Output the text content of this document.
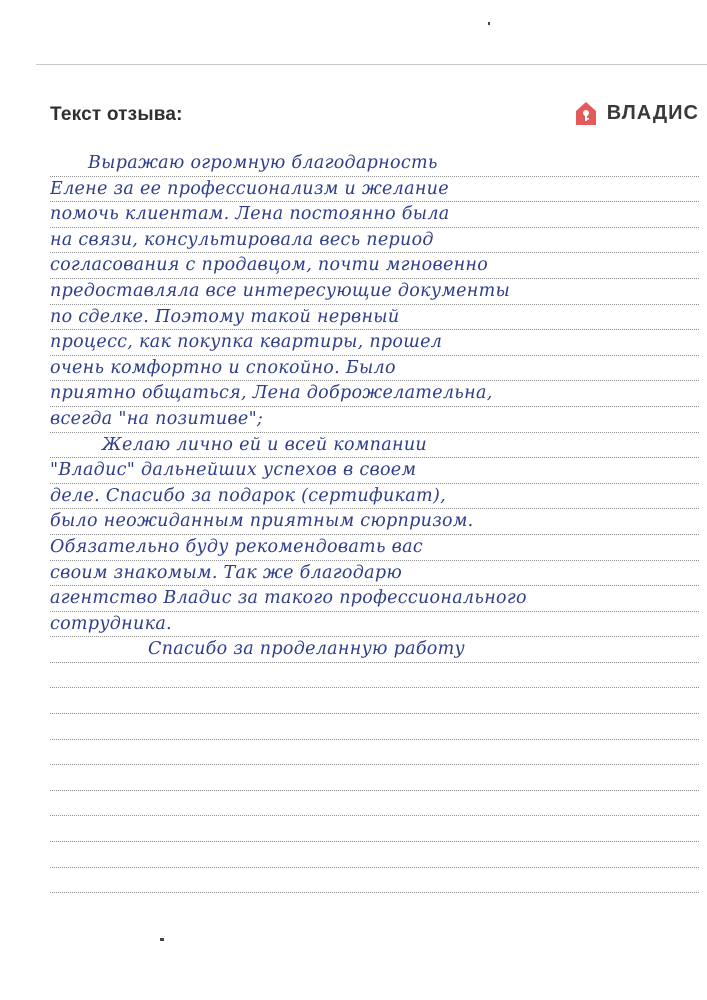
Текст отзыва:	ВЛАДИС
Выражаю огромную благодарность
Елене за ее профессионализм и желание
помочь клиентам. Лена постоянно была
на связи, консультировала весь период
согласования с продавцом, почти мгновенно
предоставляла все интересующие документы
по сделке. Поэтому такой нервный
процесс, как покупка квартиры, прошел
очень комфортно и спокойно. Было
приятно общаться, Лена доброжелательна,
всегда "на позитиве";
Желаю лично ей и всей компании
"Владис" дальнейших успехов в своем
деле. Спасибо за подарок (сертификат),
было неожиданным приятным сюрпризом.
Обязательно буду рекомендовать вас
своим знакомым. Так же благодарю
агентство Владис за такого профессионального
сотрудника.
Спасибо за проделанную работу
